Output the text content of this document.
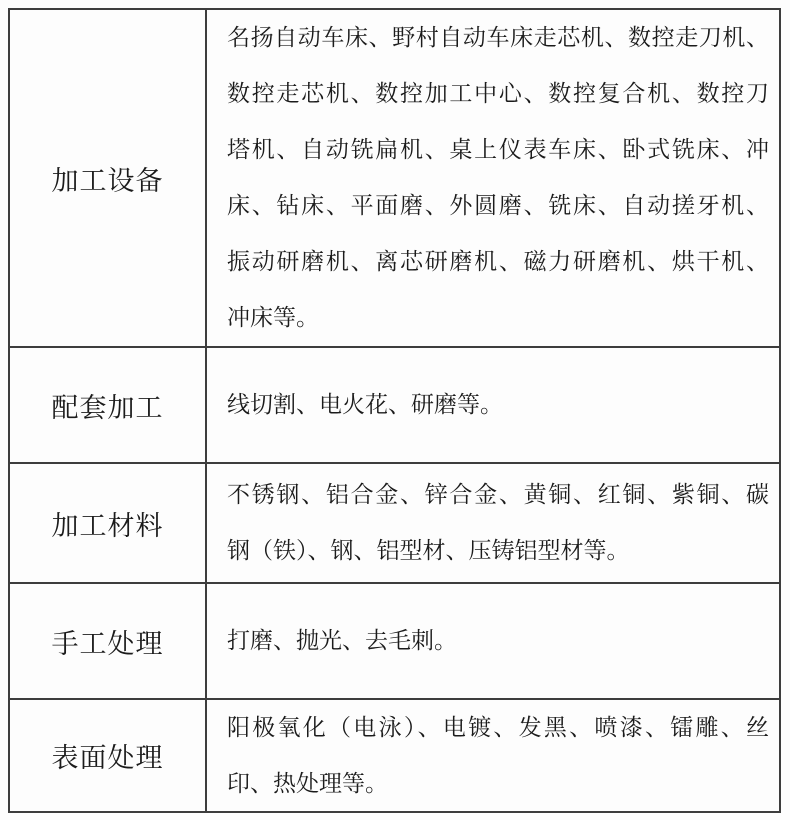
加工设备
名扬自动车床、野村自动车床走芯机、数控走刀机、
数控走芯机、数控加工中心、数控复合机、数控刀
塔机、自动铣扁机、桌上仪表车床、卧式铣床、冲
床、钻床、平面磨、外圆磨、铣床、自动搓牙机、
振动研磨机、离芯研磨机、磁力研磨机、烘干机、
冲床等。
配套加工	线切割、电火花、研磨等。
加工材料
不锈钢、铝合金、锌合金、黄铜、红铜、紫铜、碳
钢（铁）、钢、铝型材、压铸铝型材等。
手工处理	打磨、抛光、去毛刺。
表面处理
阳极氧化（电泳）、电镀、发黑、喷漆、镭雕、丝
印、热处理等。
